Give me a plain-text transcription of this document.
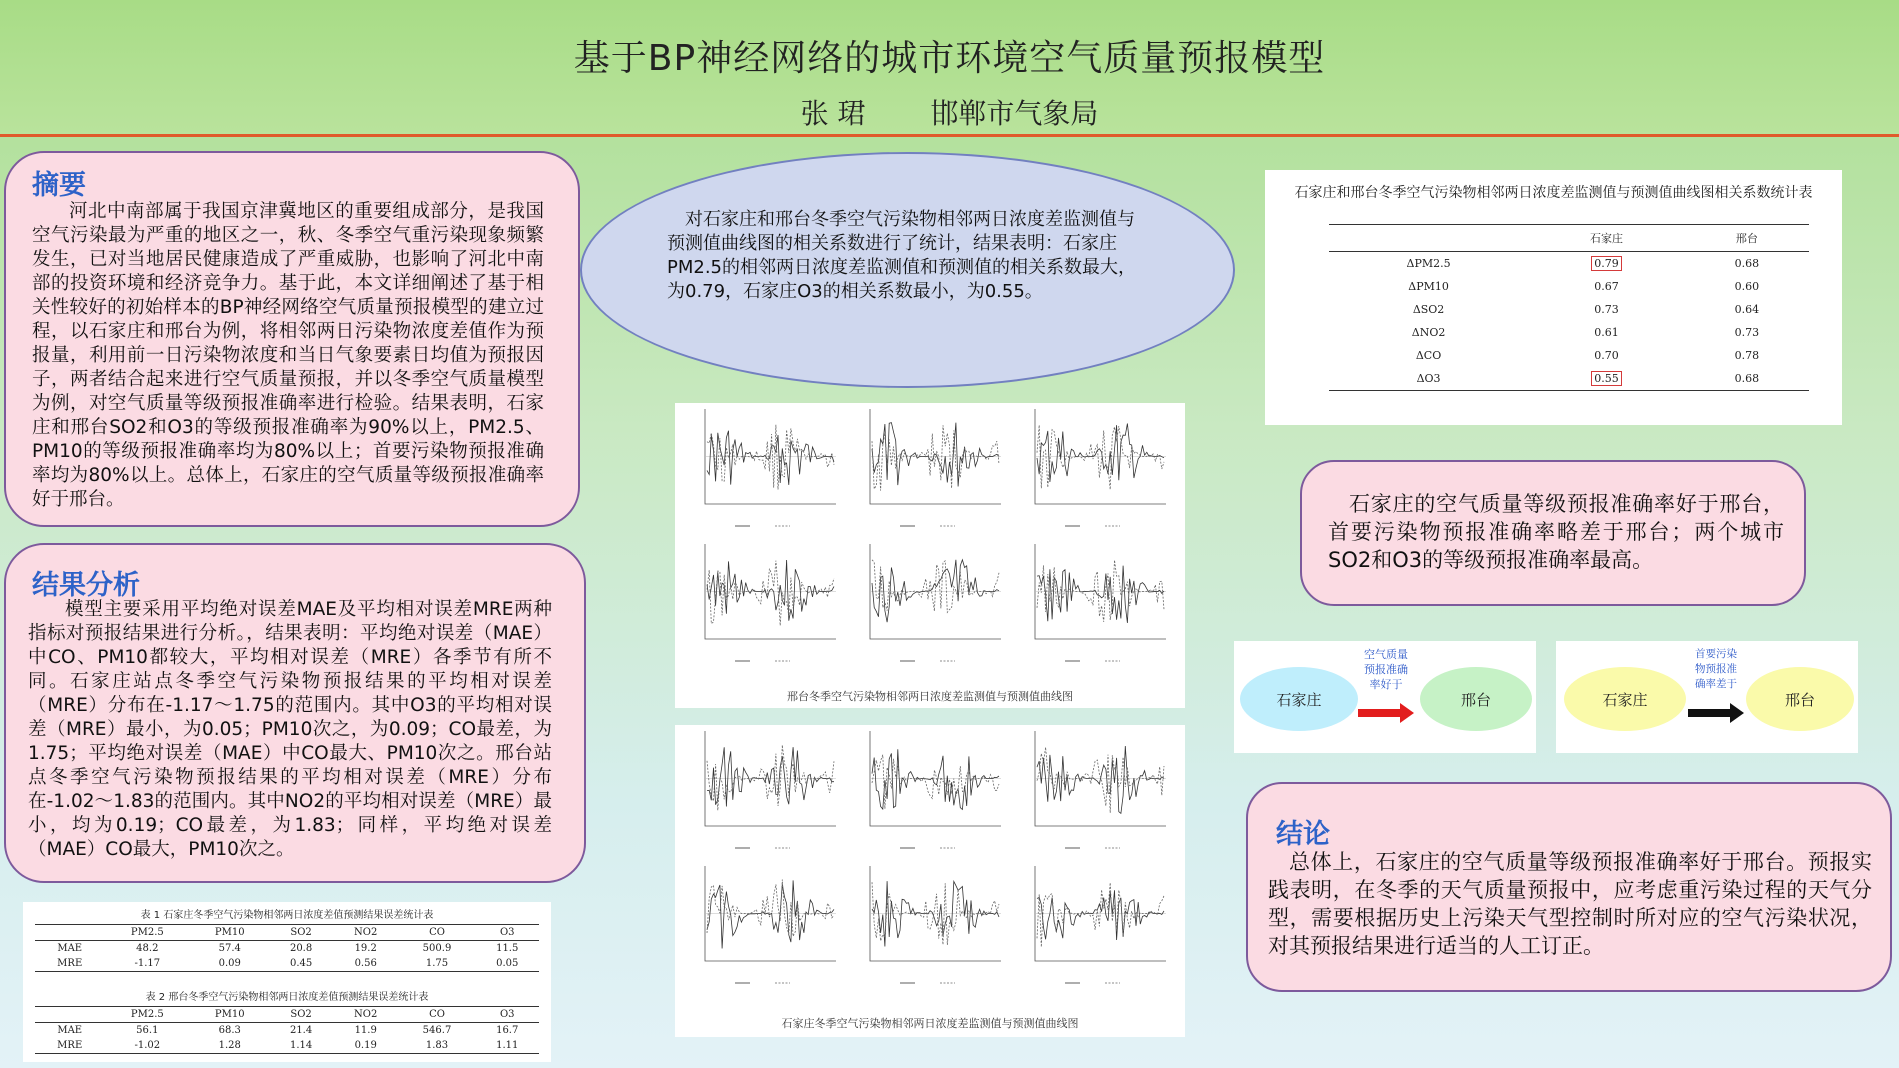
基于BP神经网络的城市环境空气质量预报模型
张 珺 邯郸市气象局
摘要
河北中南部属于我国京津冀地区的重要组成部分，是我国空气污染最为严重的地区之一，秋、冬季空气重污染现象频繁发生，已对当地居民健康造成了严重威胁，也影响了河北中南部的投资环境和经济竞争力。基于此，本文详细阐述了基于相关性较好的初始样本的BP神经网络空气质量预报模型的建立过程，以石家庄和邢台为例，将相邻两日污染物浓度差值作为预报量，利用前一日污染物浓度和当日气象要素日均值为预报因子，两者结合起来进行空气质量预报，并以冬季空气质量模型为例，对空气质量等级预报准确率进行检验。结果表明，石家庄和邢台SO2和O3的等级预报准确率为90%以上，PM2.5、PM10的等级预报准确率均为80%以上；首要污染物预报准确率均为80%以上。总体上，石家庄的空气质量等级预报准确率好于邢台。
结果分析
模型主要采用平均绝对误差MAE及平均相对误差MRE两种指标对预报结果进行分析。，结果表明：平均绝对误差（MAE）中CO、PM10都较大，平均相对误差（MRE）各季节有所不同。石家庄站点冬季空气污染物预报结果的平均相对误差（MRE）分布在-1.17～1.75的范围内。其中O3的平均相对误差（MRE）最小，为0.05；PM10次之，为0.09；CO最差，为1.75；平均绝对误差（MAE）中CO最大、PM10次之。邢台站点冬季空气污染物预报结果的平均相对误差（MRE）分布在-1.02～1.83的范围内。其中NO2的平均相对误差（MRE）最小，均为0.19；CO最差，为1.83；同样，平均绝对误差（MAE）CO最大，PM10次之。
表 1 石家庄冬季空气污染物相邻两日浓度差值预测结果误差统计表
	PM2.5	PM10	SO2	NO2	CO	O3
MAE	48.2	57.4	20.8	19.2	500.9	11.5
MRE	-1.17	0.09	0.45	0.56	1.75	0.05
表 2 邢台冬季空气污染物相邻两日浓度差值预测结果误差统计表
	PM2.5	PM10	SO2	NO2	CO	O3
MAE	56.1	68.3	21.4	11.9	546.7	16.7
MRE	-1.02	1.28	1.14	0.19	1.83	1.11
对石家庄和邢台冬季空气污染物相邻两日浓度差监测值与预测值曲线图的相关系数进行了统计，结果表明：石家庄PM2.5的相邻两日浓度差监测值和预测值的相关系数最大，为0.79，石家庄O3的相关系数最小，为0.55。
邢台冬季空气污染物相邻两日浓度差监测值与预测值曲线图
石家庄冬季空气污染物相邻两日浓度差监测值与预测值曲线图
石家庄和邢台冬季空气污染物相邻两日浓度差监测值与预测值曲线图相关系数统计表
	石家庄	邢台
ΔPM2.5	0.79	0.68
ΔPM10	0.67	0.60
ΔSO2	0.73	0.64
ΔNO2	0.61	0.73
ΔCO	0.70	0.78
ΔO3	0.55	0.68
石家庄的空气质量等级预报准确率好于邢台，首要污染物预报准确率略差于邢台；两个城市SO2和O3的等级预报准确率最高。
石家庄
空气质量预报准确率好于
邢台	石家庄
首要污染物预报准确率差于
邢台
结论
总体上，石家庄的空气质量等级预报准确率好于邢台。预报实践表明，在冬季的天气质量预报中，应考虑重污染过程的天气分型，需要根据历史上污染天气型控制时所对应的空气污染状况，对其预报结果进行适当的人工订正。
